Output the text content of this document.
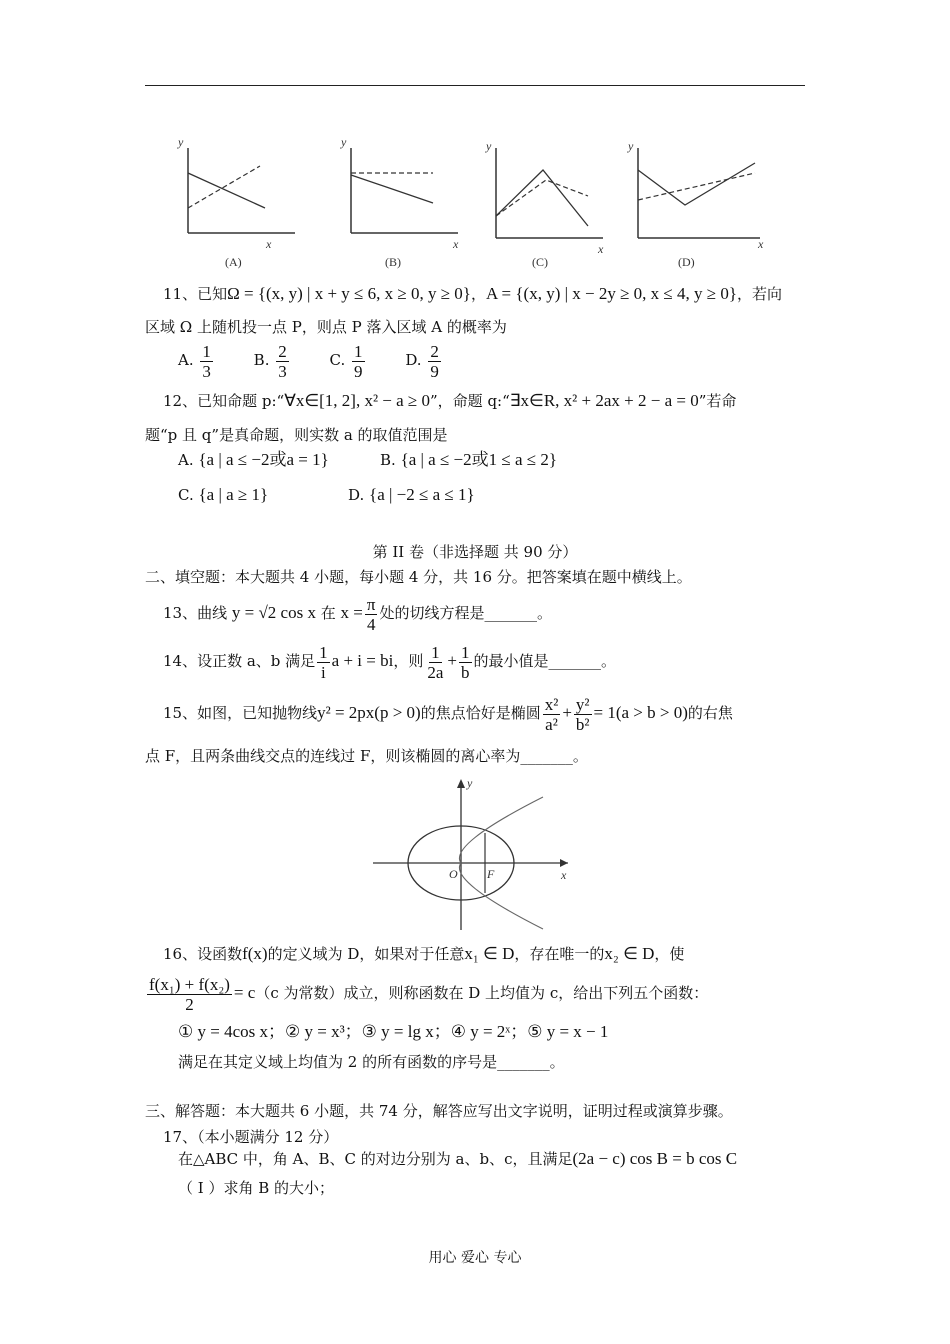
y
x
(A)
y
x
(B)
y
x
(C)
y
x
(D)
11、已知Ω = {(x, y) | x + y ≤ 6, x ≥ 0, y ≥ 0}，A = {(x, y) | x − 2y ≥ 0, x ≤ 4, y ≥ 0}，若向
区域 Ω 上随机投一点 P，则点 P 落入区域 A 的概率为
A. $\frac{1}{3}$	B. $\frac{2}{3}$	C. $\frac{1}{9}$	D. $\frac{2}{9}$
12、已知命题 p:“∀x∈[1, 2], x² − a ≥ 0”，命题 q:“∃x∈R, x² + 2ax + 2 − a = 0”若命
题“p 且 q”是真命题，则实数 a 的取值范围是
A. {a | a ≤ −2或a = 1}	B. {a | a ≤ −2或1 ≤ a ≤ 2}
C. {a | a ≥ 1}	D. {a | −2 ≤ a ≤ 1}
第 II 卷（非选择题 共 90 分）
二、填空题：本大题共 4 小题，每小题 4 分，共 16 分。把答案填在题中横线上。
13、曲线 y = √2 cos x 在 $x = \frac{\pi}{4}$ 处的切线方程是_______。
14、设正数 a、b 满足 $\frac{1}{i}$ a + i = bi，则 $\frac{1}{2a} + \frac{1}{b}$ 的最小值是_______。
15、如图，已知抛物线y² = 2px(p > 0)的焦点恰好是椭圆 $\frac{\text{x²}}{\text{a²}} + \frac{\text{y²}}{\text{b²}} = 1(a > b > 0)$的右焦
点 F，且两条曲线交点的连线过 F，则该椭圆的离心率为_______。
y
x
O F
16、设函数f(x)的定义域为 D，如果对于任意x₁ ∈ D，存在唯一的x₂ ∈ D，使
$\frac{\text{f(x₁) + f(x₂)}}{2} = c(c$ 为常数）成立，则称函数在 D 上均值为 c，给出下列五个函数：
① y = 4cos x；② y = x³；③ y = lg x；④ y = 2ˣ；⑤ y = x − 1
满足在其定义域上均值为 2 的所有函数的序号是_______。
三、解答题：本大题共 6 小题，共 74 分，解答应写出文字说明，证明过程或演算步骤。
17、（本小题满分 12 分）
在△ABC 中，角 A、B、C 的对边分别为 a、b、c，且满足(2a − c) cos B = b cos C
（ I ）求角 B 的大小；
用心 爱心 专心
